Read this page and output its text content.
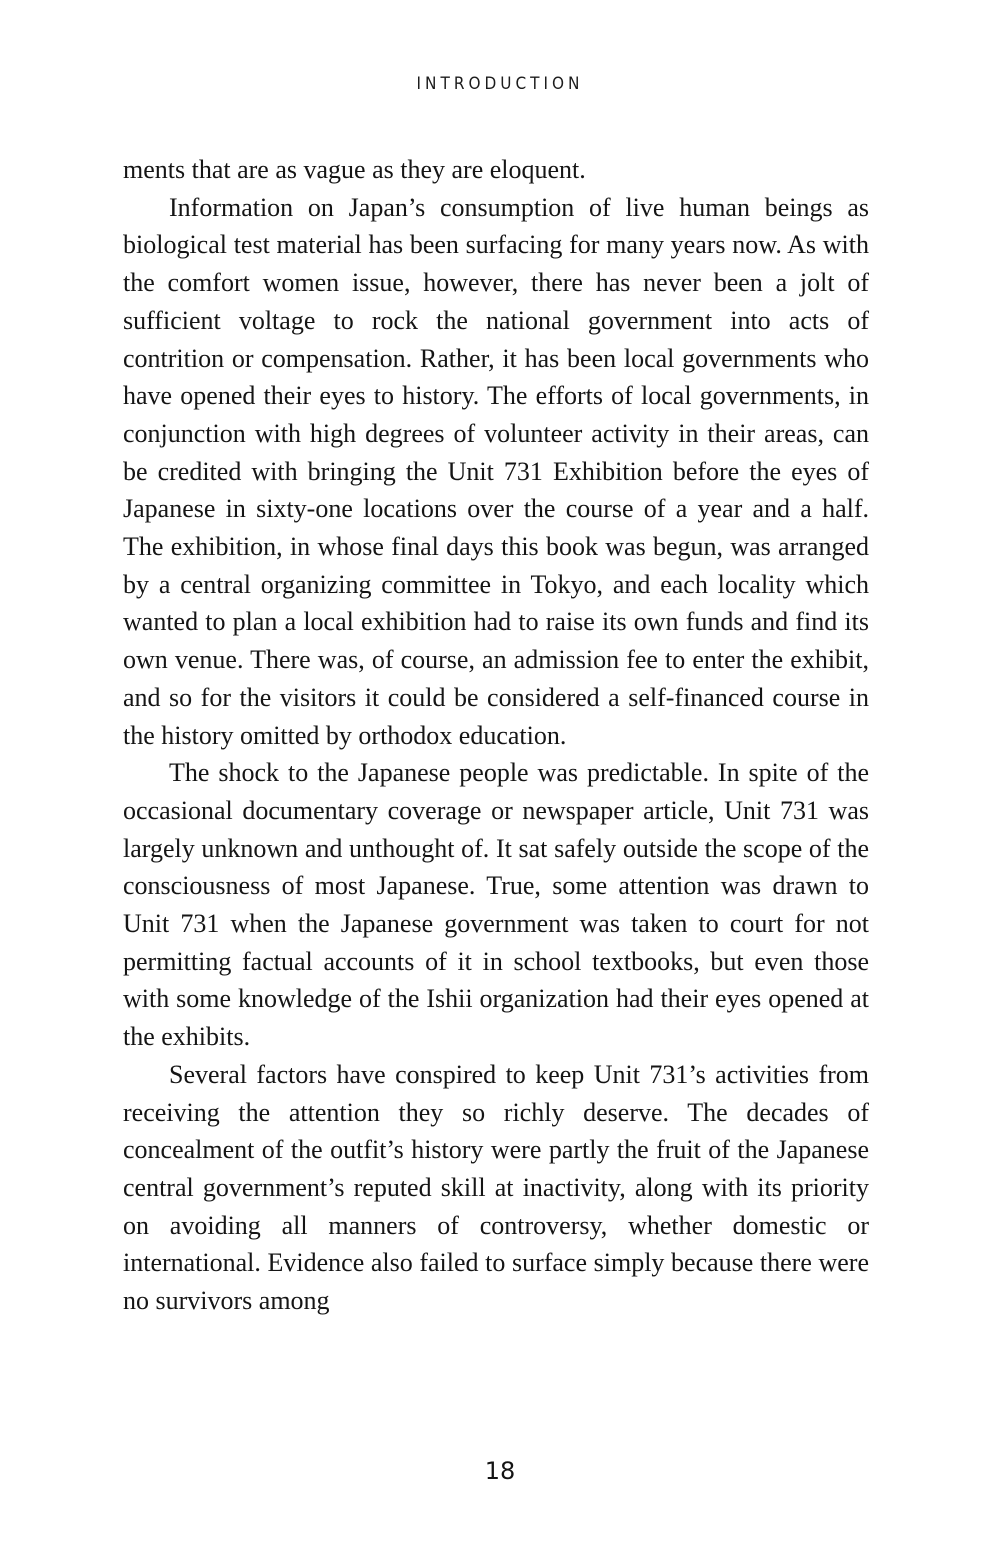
INTRODUCTION

ments that are as vague as they are eloquent.

Information on Japan’s consumption of live human beings as biological test material has been surfacing for many years now. As with the comfort women issue, however, there has never been a jolt of sufficient voltage to rock the national government into acts of contrition or compensation. Rather, it has been local governments who have opened their eyes to history. The efforts of local governments, in conjunction with high degrees of volunteer activity in their areas, can be credited with bringing the Unit 731 Exhibition before the eyes of Japanese in sixty-one locations over the course of a year and a half. The exhibition, in whose final days this book was begun, was arranged by a central organizing committee in Tokyo, and each locality which wanted to plan a local exhibition had to raise its own funds and find its own venue. There was, of course, an admission fee to enter the exhibit, and so for the visitors it could be considered a self-financed course in the history omitted by orthodox education.

The shock to the Japanese people was predictable. In spite of the occasional documentary coverage or newspaper article, Unit 731 was largely unknown and unthought of. It sat safely outside the scope of the consciousness of most Japanese. True, some attention was drawn to Unit 731 when the Japanese government was taken to court for not permitting factual accounts of it in school textbooks, but even those with some knowledge of the Ishii organization had their eyes opened at the exhibits.

Several factors have conspired to keep Unit 731’s activities from receiving the attention they so richly deserve. The decades of concealment of the outfit’s history were partly the fruit of the Japanese central government’s reputed skill at inactivity, along with its priority on avoiding all manners of controversy, whether domestic or international. Evidence also failed to surface simply because there were no survivors among

18
